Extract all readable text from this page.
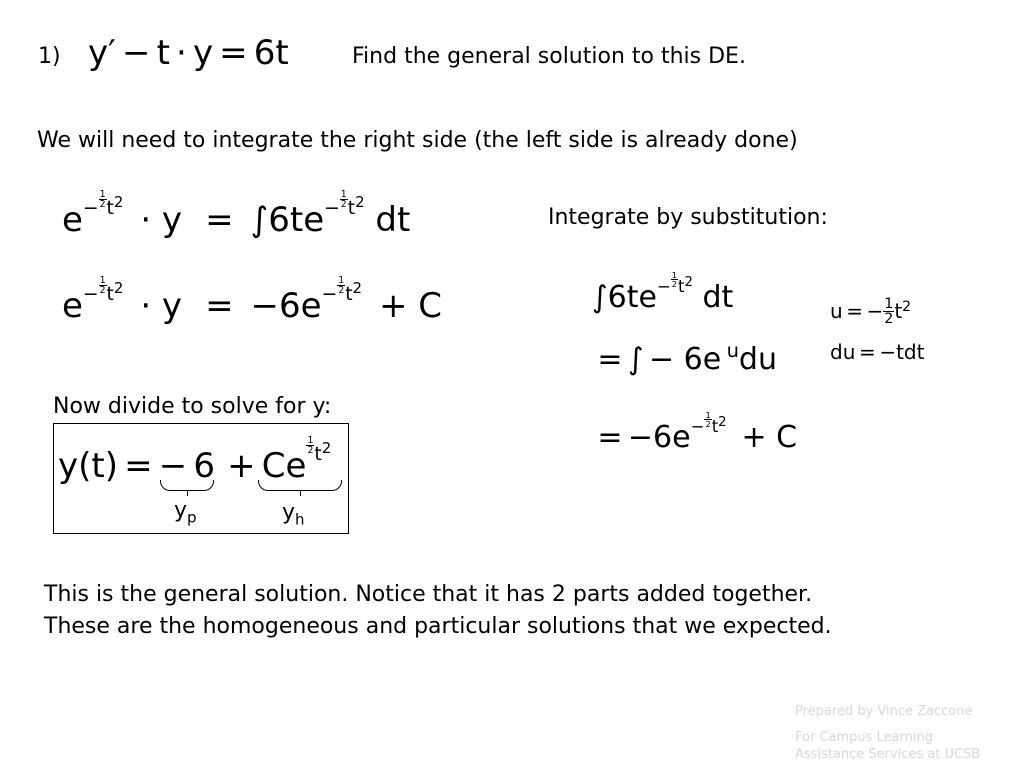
1) y′ − t · y = 6t	Find the general solution to this DE.
We will need to integrate the right side (the left side is already done)
$e^{- \frac{1}{2} t^2} \cdot y = \int 6te^{- \frac{1}{2} t^2}$ dt
$e^{- \frac{1}{2} t^2} \cdot y = -6e^{- \frac{1}{2} t^2} + C$
Integrate by substitution:
$\int 6te^{- \frac{1}{2} t^2}$ dt
= ∫ − 6e $^u$du
= $-6e^{- \frac{1}{2} t^2} + C$
u = − $\frac{1}{2} t^2$
du = −tdt
Now divide to solve for y:
y(t) = − 6 + Ce
$^{\frac{1}{2} t^2}$
$y_p$	$y_h$
This is the general solution. Notice that it has 2 parts added together.
These are the homogeneous and particular solutions that we expected.
Prepared by Vince Zaccone
For Campus Learning
Assistance Services at UCSB
